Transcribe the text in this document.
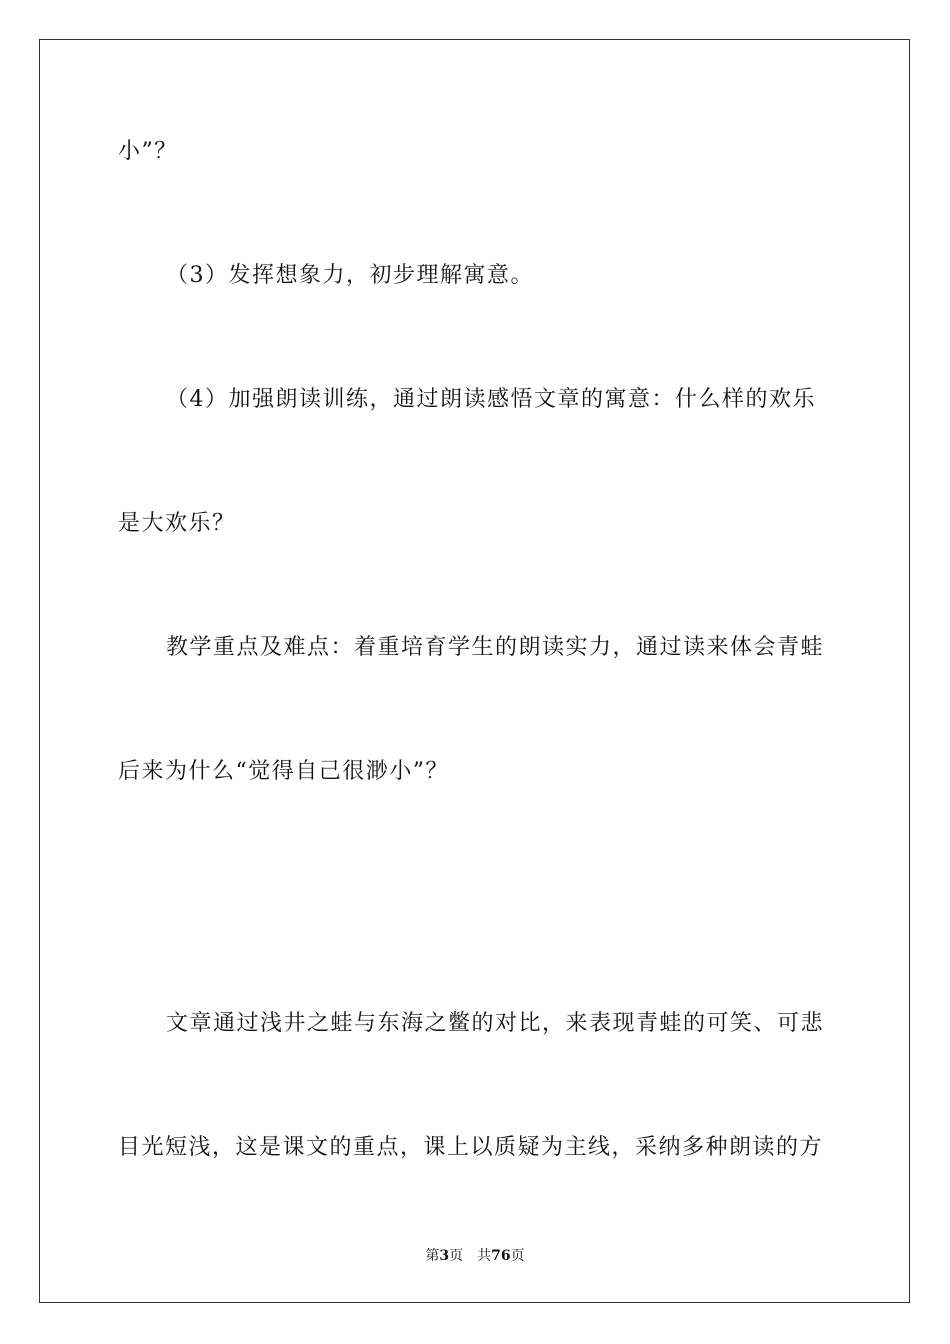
小”？
（3）发挥想象力，初步理解寓意。
（4）加强朗读训练，通过朗读感悟文章的寓意：什么样的欢乐
是大欢乐？
教学重点及难点：着重培育学生的朗读实力，通过读来体会青蛙
后来为什么“觉得自己很渺小”？
文章通过浅井之蛙与东海之鳖的对比，来表现青蛙的可笑、可悲
目光短浅，这是课文的重点，课上以质疑为主线，采纳多种朗读的方
第3页 共76页
